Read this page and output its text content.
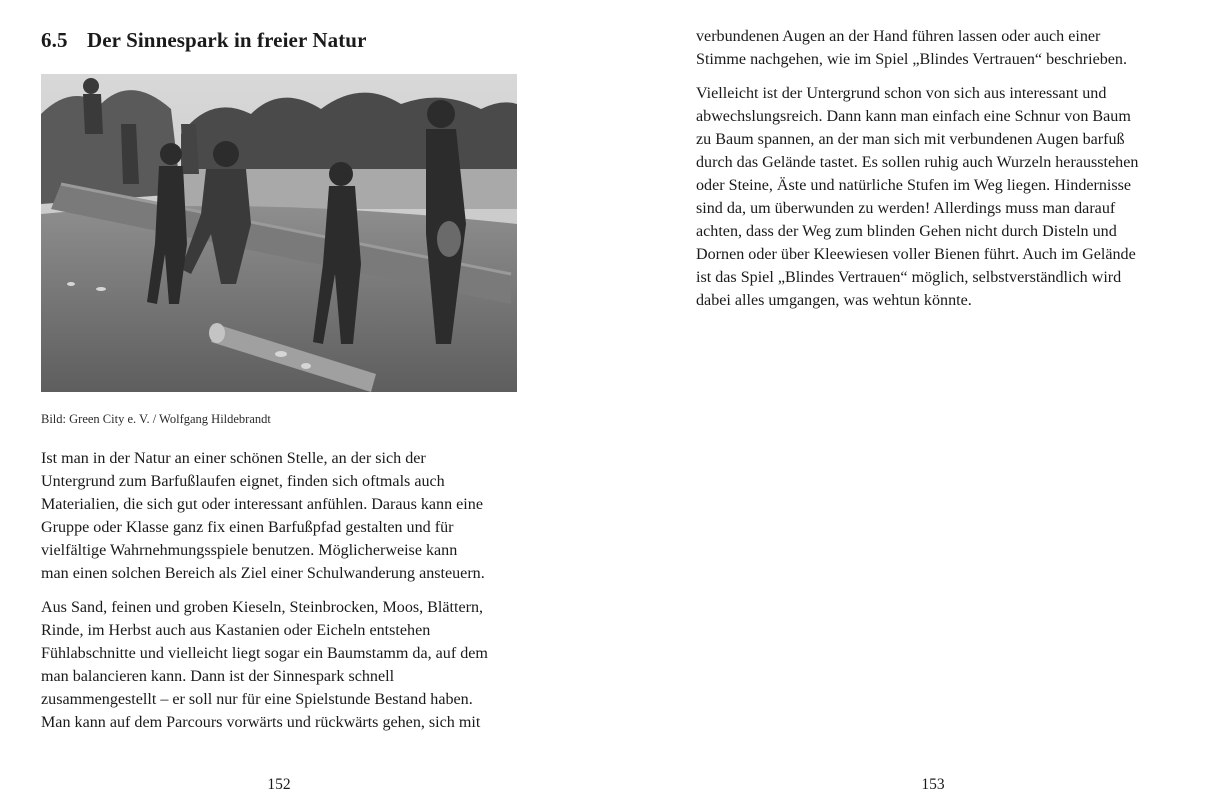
6.5 Der Sinnespark in freier Natur
Bild: Green City e. V. / Wolfgang Hildebrandt

Ist man in der Natur an einer schönen Stelle, an der sich der
Untergrund zum Barfußlaufen eignet, finden sich oftmals auch
Materialien, die sich gut oder interessant anfühlen. Daraus kann eine
Gruppe oder Klasse ganz fix einen Barfußpfad gestalten und für
vielfältige Wahrnehmungsspiele benutzen. Möglicherweise kann
man einen solchen Bereich als Ziel einer Schulwanderung ansteuern.

Aus Sand, feinen und groben Kieseln, Steinbrocken, Moos, Blättern,
Rinde, im Herbst auch aus Kastanien oder Eicheln entstehen
Fühlabschnitte und vielleicht liegt sogar ein Baumstamm da, auf dem
man balancieren kann. Dann ist der Sinnespark schnell
zusammengestellt – er soll nur für eine Spielstunde Bestand haben.
Man kann auf dem Parcours vorwärts und rückwärts gehen, sich mit

152

verbundenen Augen an der Hand führen lassen oder auch einer
Stimme nachgehen, wie im Spiel „Blindes Vertrauen“ beschrieben.

Vielleicht ist der Untergrund schon von sich aus interessant und
abwechslungsreich. Dann kann man einfach eine Schnur von Baum
zu Baum spannen, an der man sich mit verbundenen Augen barfuß
durch das Gelände tastet. Es sollen ruhig auch Wurzeln herausstehen
oder Steine, Äste und natürliche Stufen im Weg liegen. Hindernisse
sind da, um überwunden zu werden! Allerdings muss man darauf
achten, dass der Weg zum blinden Gehen nicht durch Disteln und
Dornen oder über Kleewiesen voller Bienen führt. Auch im Gelände
ist das Spiel „Blindes Vertrauen“ möglich, selbstverständlich wird
dabei alles umgangen, was wehtun könnte.

153
